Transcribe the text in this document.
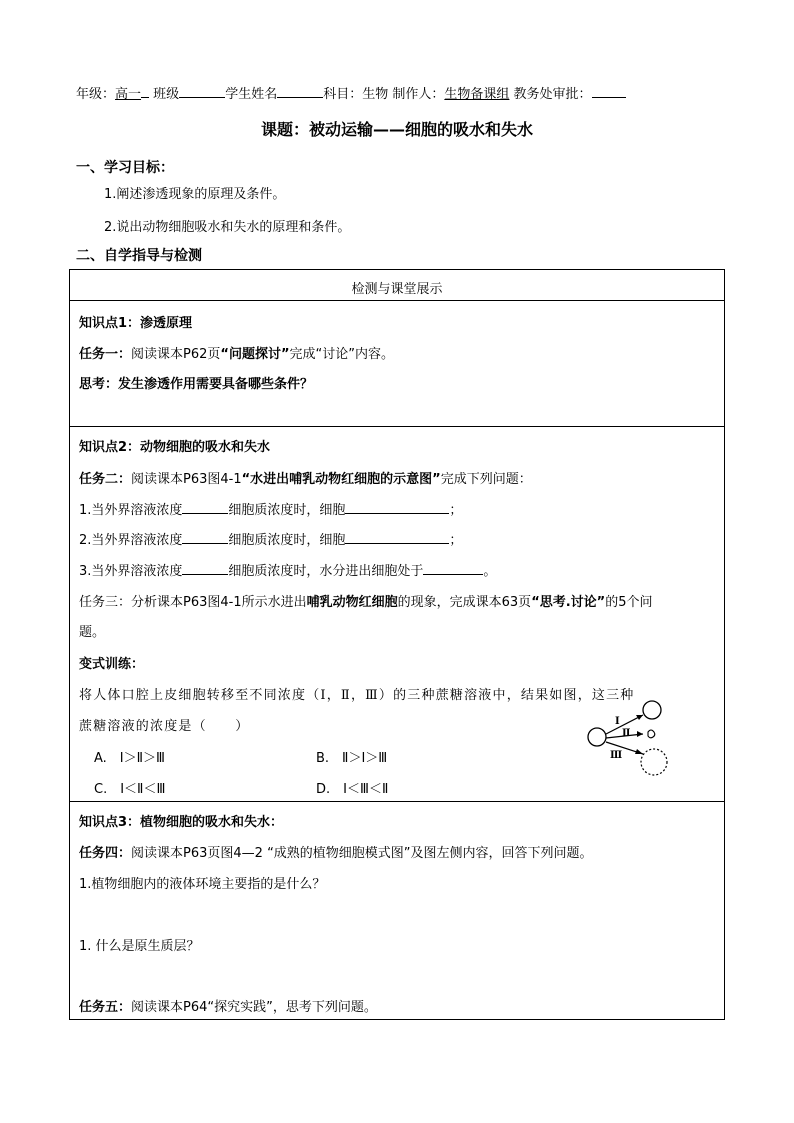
年级：高一 班级	学生姓名	科目：生物 制作人：生物备课组 教务处审批：
课题：被动运输——细胞的吸水和失水
一、学习目标：
1.阐述渗透现象的原理及条件。
2.说出动物细胞吸水和失水的原理和条件。
二、自学指导与检测
检测与课堂展示
知识点1：渗透原理
任务一：阅读课本P62页“问题探讨”完成“讨论”内容。
思考：发生渗透作用需要具备哪些条件？
知识点2：动物细胞的吸水和失水
任务二：阅读课本P63图4-1“水进出哺乳动物红细胞的示意图”完成下列问题：
1.当外界溶液浓度	细胞质浓度时，细胞	；
2.当外界溶液浓度	细胞质浓度时，细胞	；
3.当外界溶液浓度	细胞质浓度时，水分进出细胞处于	。
任务三：分析课本P63图4-1所示水进出哺乳动物红细胞的现象，完成课本63页“思考.讨论”的5个问
题。
变式训练：
将人体口腔上皮细胞转移至不同浓度（Ⅰ，Ⅱ，Ⅲ）的三种蔗糖溶液中，结果如图，这三种
蔗糖溶液的浓度是（　　）
A.　Ⅰ＞Ⅱ＞Ⅲ	B.　Ⅱ＞Ⅰ＞Ⅲ
C.　Ⅰ＜Ⅱ＜Ⅲ	D.　Ⅰ＜Ⅲ＜Ⅱ
Ⅰ
Ⅱ
Ⅲ
知识点3：植物细胞的吸水和失水：
任务四：阅读课本P63页图4—2 “成熟的植物细胞模式图”及图左侧内容，回答下列问题。
1.植物细胞内的液体环境主要指的是什么？
1. 什么是原生质层？
任务五：阅读课本P64“探究实践”，思考下列问题。
